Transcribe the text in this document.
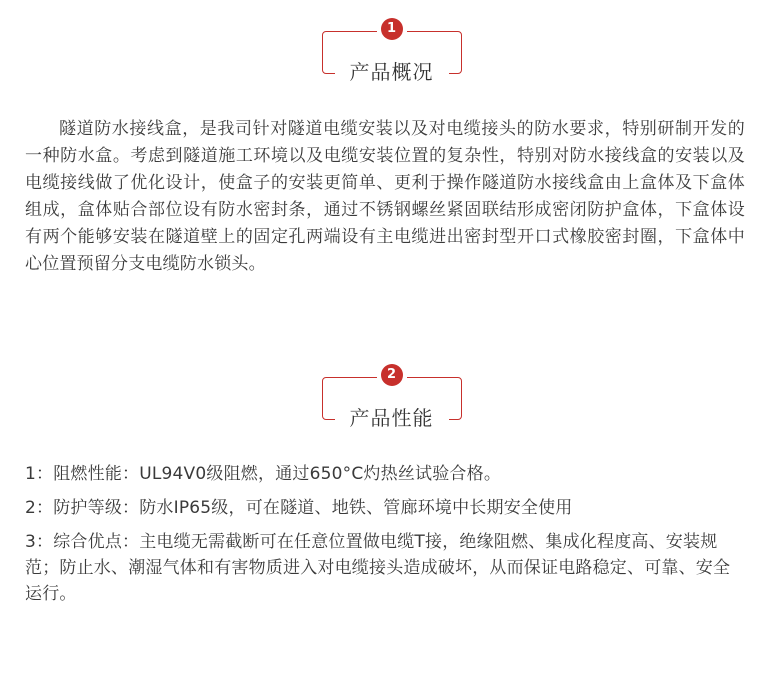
1
产品概况

隧道防水接线盒，是我司针对隧道电缆安装以及对电缆接头的防水要求，特别研制开发的一种防水盒。考虑到隧道施工环境以及电缆安装位置的复杂性，特别对防水接线盒的安装以及电缆接线做了优化设计，使盒子的安装更简单、更利于操作隧道防水接线盒由上盒体及下盒体组成，盒体贴合部位设有防水密封条，通过不锈钢螺丝紧固联结形成密闭防护盒体，下盒体设有两个能够安装在隧道壁上的固定孔两端设有主电缆进出密封型开口式橡胶密封圈，下盒体中心位置预留分支电缆防水锁头。

2
产品性能
1：阻燃性能：UL94V0级阻燃，通过650°C灼热丝试验合格。
2：防护等级：防水IP65级，可在隧道、地铁、管廊环境中长期安全使用
3：综合优点：主电缆无需截断可在任意位置做电缆T接，绝缘阻燃、集成化程度高、安装规范；防止水、潮湿气体和有害物质进入对电缆接头造成破坏，从而保证电路稳定、可靠、安全运行。
